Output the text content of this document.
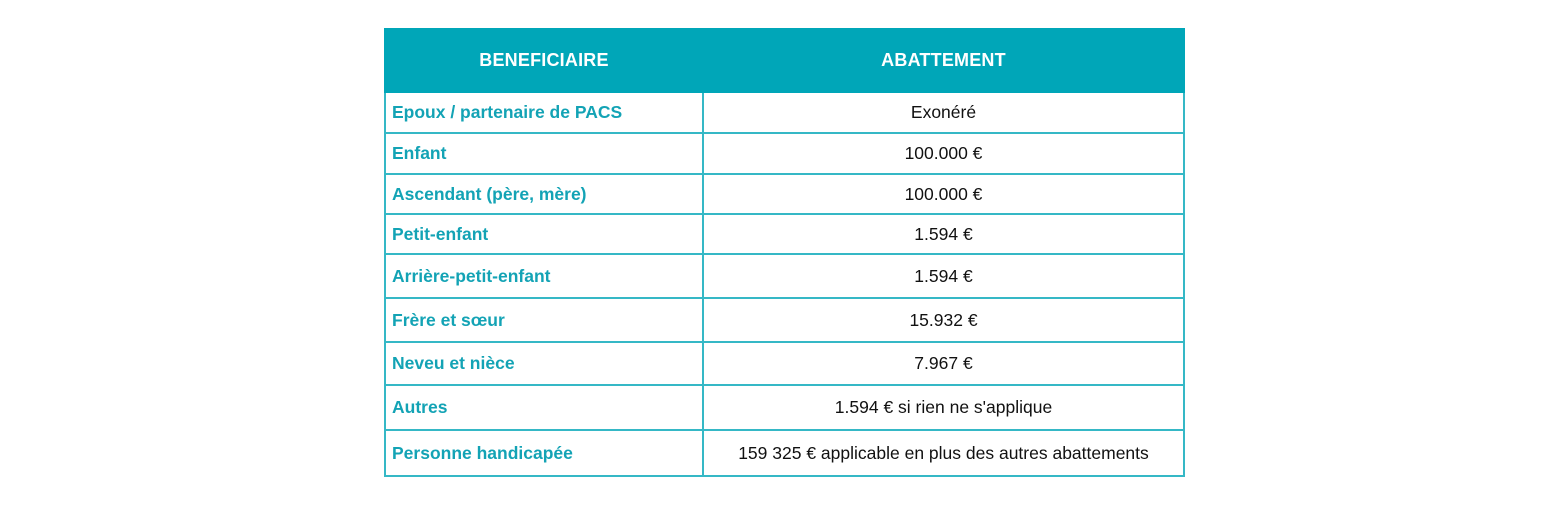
BENEFICIAIRE	ABATTEMENT
Epoux / partenaire de PACS	Exonéré
Enfant	100.000 €
Ascendant (père, mère)	100.000 €
Petit-enfant	1.594 €
Arrière-petit-enfant	1.594 €
Frère et sœur	15.932 €
Neveu et nièce	7.967 €
Autres	1.594 € si rien ne s'applique
Personne handicapée	159 325 € applicable en plus des autres abattements
